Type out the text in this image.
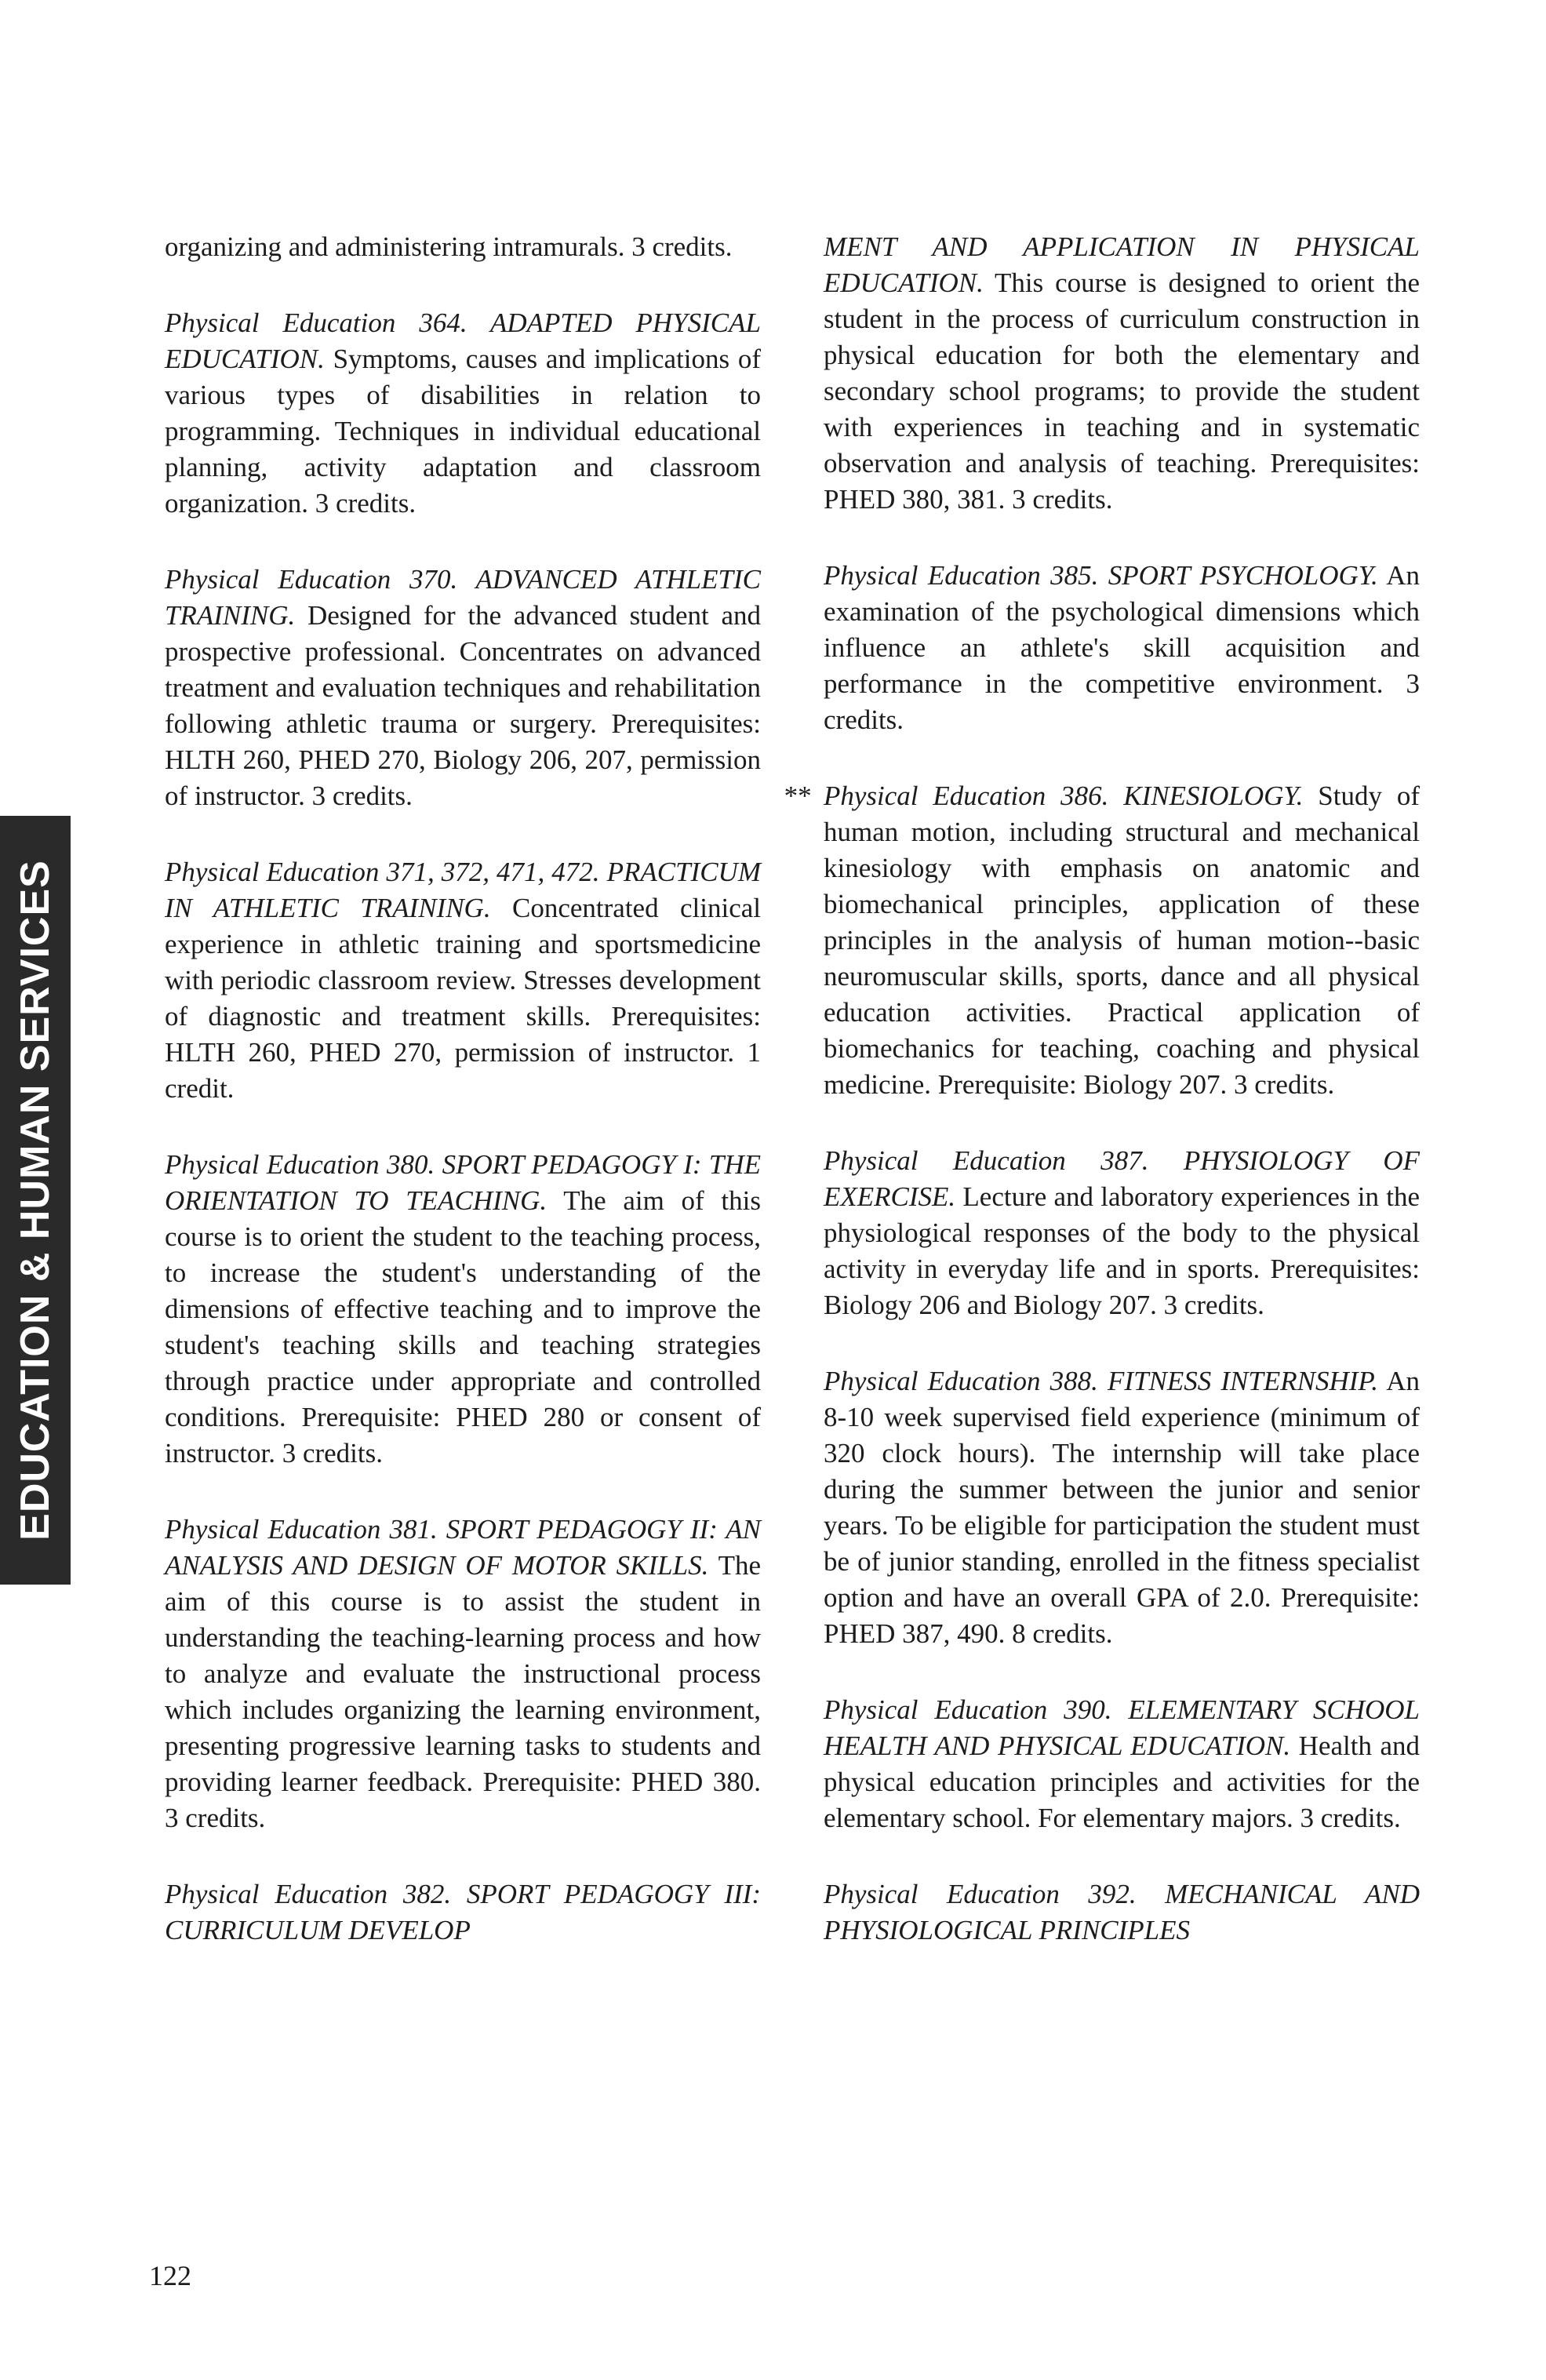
EDUCATION & HUMAN SERVICES

organizing and administering intramurals. 3 credits.

Physical Education 364. ADAPTED PHYSICAL EDUCATION. Symptoms, causes and implications of various types of disabilities in relation to programming. Techniques in individual educational planning, activity adaptation and classroom organization. 3 credits.

Physical Education 370. ADVANCED ATHLETIC TRAINING. Designed for the advanced student and prospective professional. Concentrates on advanced treatment and evaluation techniques and rehabilitation following athletic trauma or surgery. Prerequisites: HLTH 260, PHED 270, Biology 206, 207, permission of instructor. 3 credits.

Physical Education 371, 372, 471, 472. PRACTICUM IN ATHLETIC TRAINING. Concentrated clinical experience in athletic training and sportsmedicine with periodic classroom review. Stresses development of diagnostic and treatment skills. Prerequisites: HLTH 260, PHED 270, permission of instructor. 1 credit.

Physical Education 380. SPORT PEDAGOGY I: THE ORIENTATION TO TEACHING. The aim of this course is to orient the student to the teaching process, to increase the student's understanding of the dimensions of effective teaching and to improve the student's teaching skills and teaching strategies through practice under appropriate and controlled conditions. Prerequisite: PHED 280 or consent of instructor. 3 credits.

Physical Education 381. SPORT PEDAGOGY II: AN ANALYSIS AND DESIGN OF MOTOR SKILLS. The aim of this course is to assist the student in understanding the teaching-learning process and how to analyze and evaluate the instructional process which includes organizing the learning environment, presenting progressive learning tasks to students and providing learner feedback. Prerequisite: PHED 380. 3 credits.

Physical Education 382. SPORT PEDAGOGY III: CURRICULUM DEVELOP

MENT AND APPLICATION IN PHYSICAL EDUCATION. This course is designed to orient the student in the process of curriculum construction in physical education for both the elementary and secondary school programs; to provide the student with experiences in teaching and in systematic observation and analysis of teaching. Prerequisites: PHED 380, 381. 3 credits.

Physical Education 385. SPORT PSYCHOLOGY. An examination of the psychological dimensions which influence an athlete's skill acquisition and performance in the competitive environment. 3 credits.

** Physical Education 386. KINESIOLOGY. Study of human motion, including structural and mechanical kinesiology with emphasis on anatomic and biomechanical principles, application of these principles in the analysis of human motion--basic neuromuscular skills, sports, dance and all physical education activities. Practical application of biomechanics for teaching, coaching and physical medicine. Prerequisite: Biology 207. 3 credits.

Physical Education 387. PHYSIOLOGY OF EXERCISE. Lecture and laboratory experiences in the physiological responses of the body to the physical activity in everyday life and in sports. Prerequisites: Biology 206 and Biology 207. 3 credits.

Physical Education 388. FITNESS INTERNSHIP. An 8-10 week supervised field experience (minimum of 320 clock hours). The internship will take place during the summer between the junior and senior years. To be eligible for participation the student must be of junior standing, enrolled in the fitness specialist option and have an overall GPA of 2.0. Prerequisite: PHED 387, 490. 8 credits.

Physical Education 390. ELEMENTARY SCHOOL HEALTH AND PHYSICAL EDUCATION. Health and physical education principles and activities for the elementary school. For elementary majors. 3 credits.

Physical Education 392. MECHANICAL AND PHYSIOLOGICAL PRINCIPLES

122
